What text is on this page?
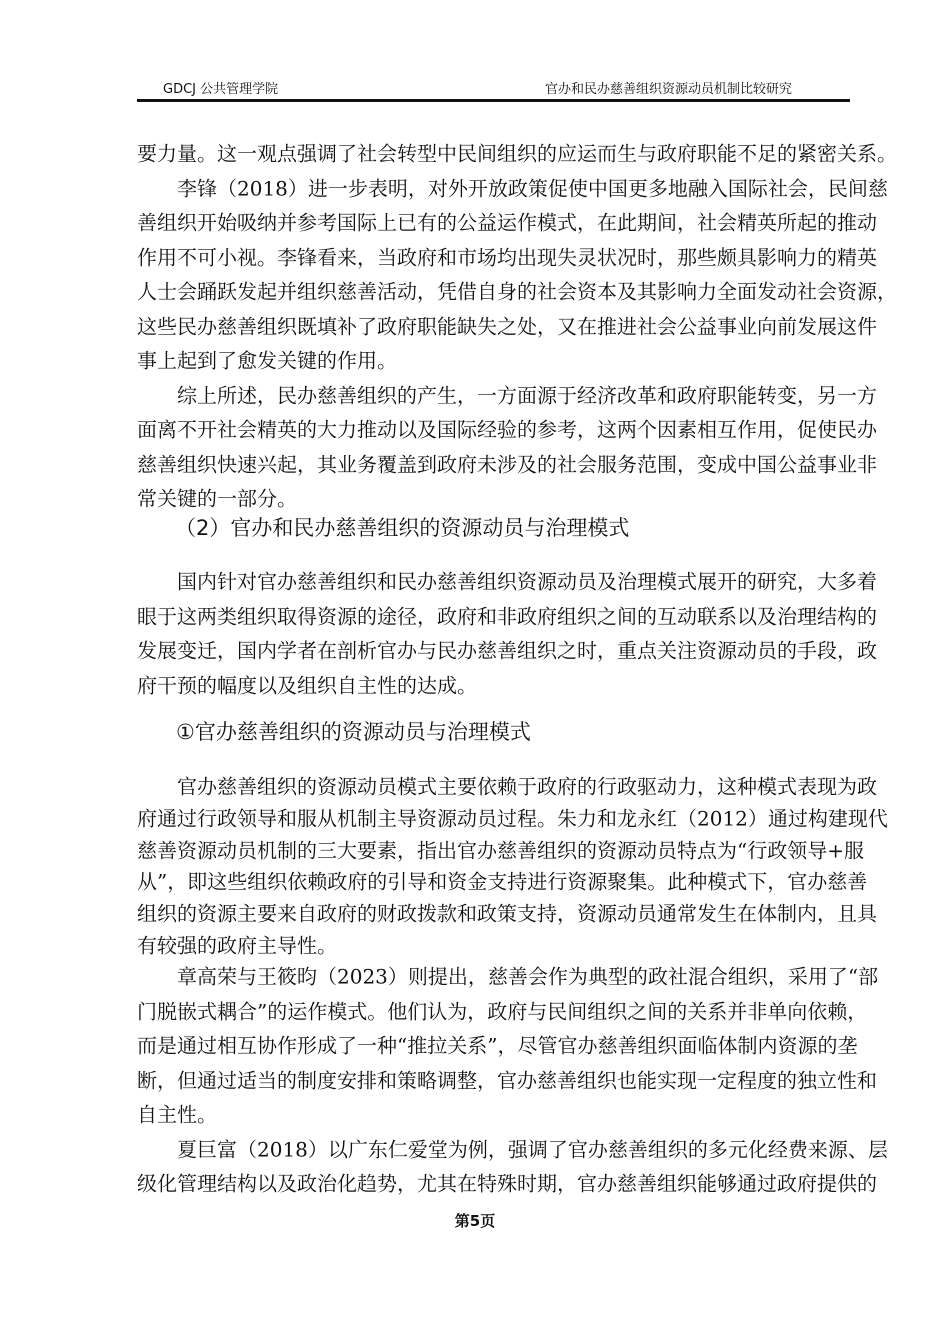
GDCJ 公共管理学院	官办和民办慈善组织资源动员机制比较研究
要力量。这一观点强调了社会转型中民间组织的应运而生与政府职能不足的紧密关系。
李锋（2018）进一步表明，对外开放政策促使中国更多地融入国际社会，民间慈
善组织开始吸纳并参考国际上已有的公益运作模式，在此期间，社会精英所起的推动
作用不可小视。李锋看来，当政府和市场均出现失灵状况时，那些颇具影响力的精英
人士会踊跃发起并组织慈善活动，凭借自身的社会资本及其影响力全面发动社会资源，
这些民办慈善组织既填补了政府职能缺失之处，又在推进社会公益事业向前发展这件
事上起到了愈发关键的作用。
综上所述，民办慈善组织的产生，一方面源于经济改革和政府职能转变，另一方
面离不开社会精英的大力推动以及国际经验的参考，这两个因素相互作用，促使民办
慈善组织快速兴起，其业务覆盖到政府未涉及的社会服务范围，变成中国公益事业非
常关键的一部分。
（2）官办和民办慈善组织的资源动员与治理模式
国内针对官办慈善组织和民办慈善组织资源动员及治理模式展开的研究，大多着
眼于这两类组织取得资源的途径，政府和非政府组织之间的互动联系以及治理结构的
发展变迁，国内学者在剖析官办与民办慈善组织之时，重点关注资源动员的手段，政
府干预的幅度以及组织自主性的达成。
①官办慈善组织的资源动员与治理模式
官办慈善组织的资源动员模式主要依赖于政府的行政驱动力，这种模式表现为政
府通过行政领导和服从机制主导资源动员过程。朱力和龙永红（2012）通过构建现代
慈善资源动员机制的三大要素，指出官办慈善组织的资源动员特点为“行政领导+服
从”，即这些组织依赖政府的引导和资金支持进行资源聚集。此种模式下，官办慈善
组织的资源主要来自政府的财政拨款和政策支持，资源动员通常发生在体制内，且具
有较强的政府主导性。
章高荣与王筱昀（2023）则提出，慈善会作为典型的政社混合组织，采用了“部
门脱嵌式耦合”的运作模式。他们认为，政府与民间组织之间的关系并非单向依赖，
而是通过相互协作形成了一种“推拉关系”，尽管官办慈善组织面临体制内资源的垄
断，但通过适当的制度安排和策略调整，官办慈善组织也能实现一定程度的独立性和
自主性。
夏巨富（2018）以广东仁爱堂为例，强调了官办慈善组织的多元化经费来源、层
级化管理结构以及政治化趋势，尤其在特殊时期，官办慈善组织能够通过政府提供的
第5页
